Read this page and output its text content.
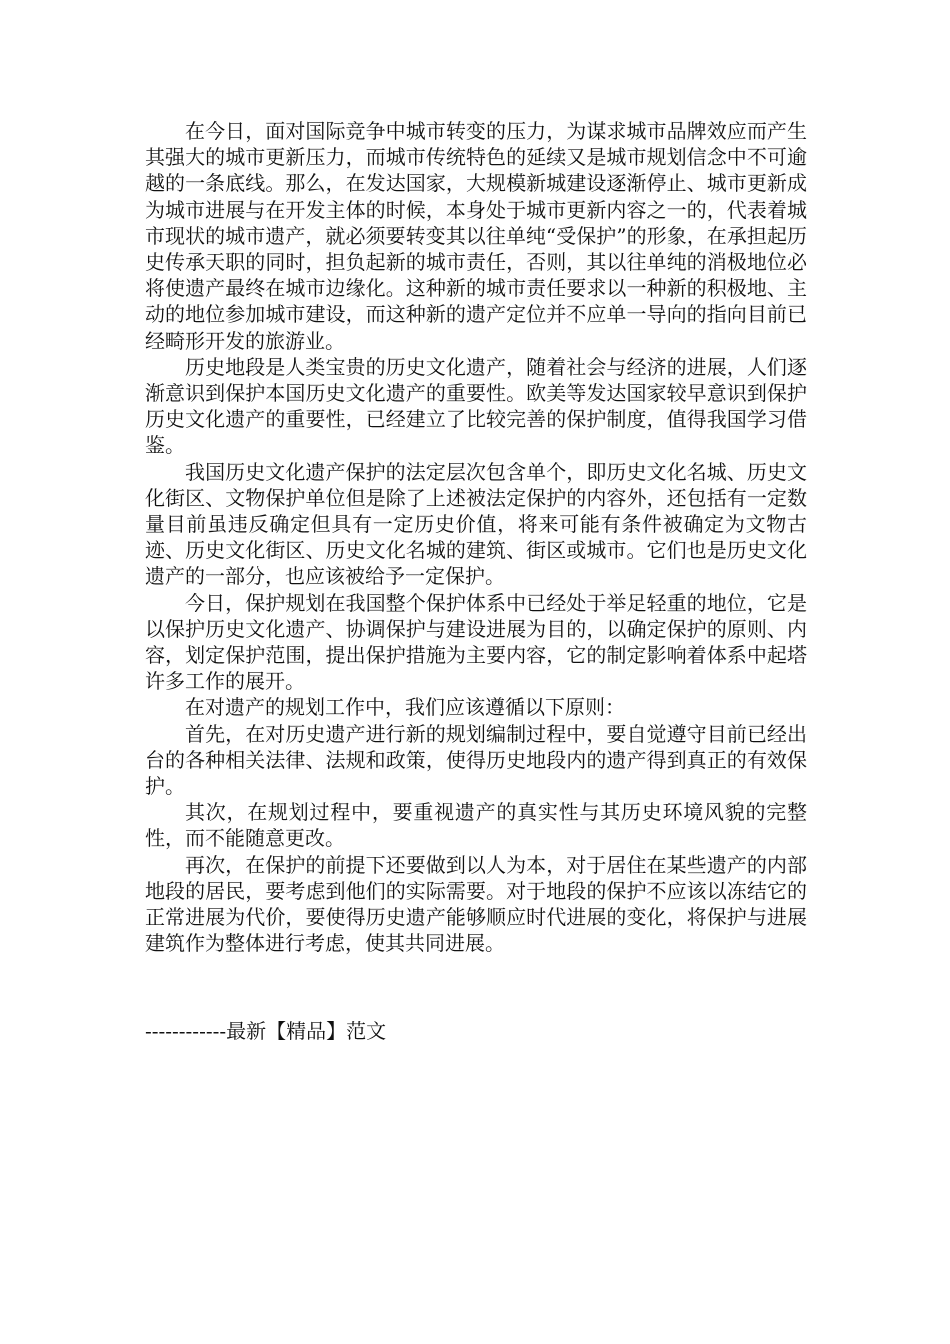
在今日，面对国际竞争中城市转变的压力，为谋求城市品牌效应而产生其强大的城市更新压力，而城市传统特色的延续又是城市规划信念中不可逾越的一条底线。那么，在发达国家，大规模新城建设逐渐停止、城市更新成为城市进展与在开发主体的时候，本身处于城市更新内容之一的，代表着城市现状的城市遗产，就必须要转变其以往单纯“受保护”的形象，在承担起历史传承天职的同时，担负起新的城市责任，否则，其以往单纯的消极地位必将使遗产最终在城市边缘化。这种新的城市责任要求以一种新的积极地、主动的地位参加城市建设，而这种新的遗产定位并不应单一导向的指向目前已经畸形开发的旅游业。

历史地段是人类宝贵的历史文化遗产，随着社会与经济的进展，人们逐渐意识到保护本国历史文化遗产的重要性。欧美等发达国家较早意识到保护历史文化遗产的重要性，已经建立了比较完善的保护制度，值得我国学习借鉴。

我国历史文化遗产保护的法定层次包含单个，即历史文化名城、历史文化街区、文物保护单位但是除了上述被法定保护的内容外，还包括有一定数量目前虽违反确定但具有一定历史价值，将来可能有条件被确定为文物古迹、历史文化街区、历史文化名城的建筑、街区或城市。它们也是历史文化遗产的一部分，也应该被给予一定保护。

今日，保护规划在我国整个保护体系中已经处于举足轻重的地位，它是以保护历史文化遗产、协调保护与建设进展为目的，以确定保护的原则、内容，划定保护范围，提出保护措施为主要内容，它的制定影响着体系中起塔许多工作的展开。

在对遗产的规划工作中，我们应该遵循以下原则：

首先，在对历史遗产进行新的规划编制过程中，要自觉遵守目前已经出台的各种相关法律、法规和政策，使得历史地段内的遗产得到真正的有效保护。

其次，在规划过程中，要重视遗产的真实性与其历史环境风貌的完整性，而不能随意更改。

再次，在保护的前提下还要做到以人为本，对于居住在某些遗产的内部地段的居民，要考虑到他们的实际需要。对于地段的保护不应该以冻结它的正常进展为代价，要使得历史遗产能够顺应时代进展的变化，将保护与进展建筑作为整体进行考虑，使其共同进展。

------------最新【精品】范文
